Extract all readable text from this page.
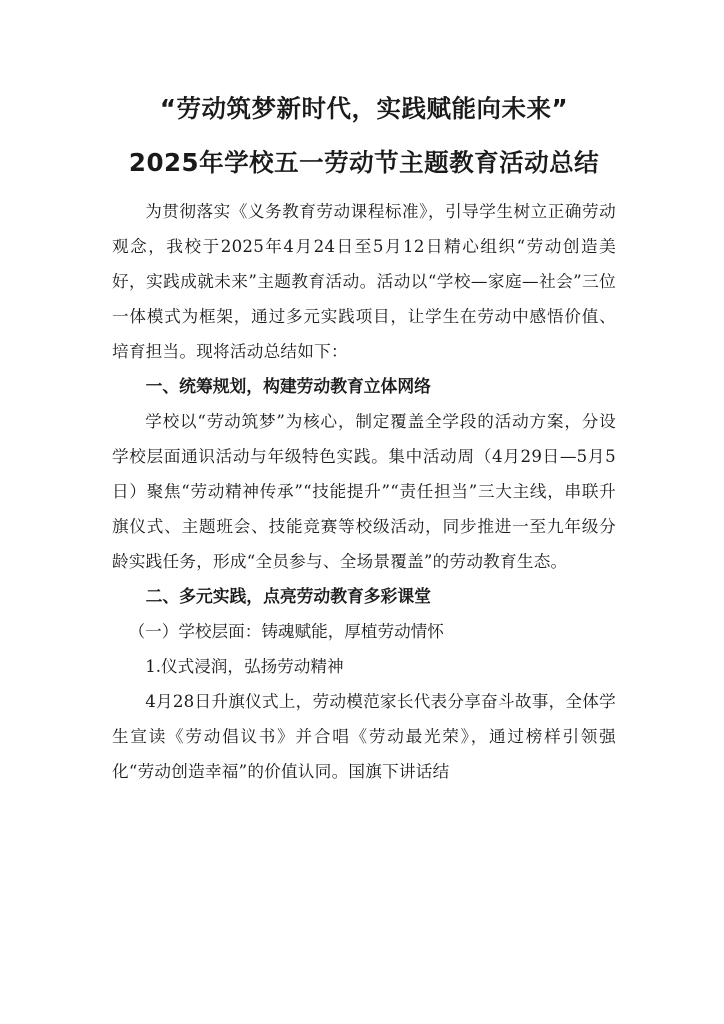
“劳动筑梦新时代，实践赋能向未来”
2025年学校五一劳动节主题教育活动总结

为贯彻落实《义务教育劳动课程标准》，引导学生树立正确劳动观念，我校于2025年4月24日至5月12日精心组织“劳动创造美好，实践成就未来”主题教育活动。活动以“学校—家庭—社会”三位一体模式为框架，通过多元实践项目，让学生在劳动中感悟价值、培育担当。现将活动总结如下：

一、统筹规划，构建劳动教育立体网络

学校以“劳动筑梦”为核心，制定覆盖全学段的活动方案，分设学校层面通识活动与年级特色实践。集中活动周（4月29日—5月5日）聚焦“劳动精神传承”“技能提升”“责任担当”三大主线，串联升旗仪式、主题班会、技能竞赛等校级活动，同步推进一至九年级分龄实践任务，形成“全员参与、全场景覆盖”的劳动教育生态。

二、多元实践，点亮劳动教育多彩课堂

（一）学校层面：铸魂赋能，厚植劳动情怀

1.仪式浸润，弘扬劳动精神

4月28日升旗仪式上，劳动模范家长代表分享奋斗故事，全体学生宣读《劳动倡议书》并合唱《劳动最光荣》，通过榜样引领强化“劳动创造幸福”的价值认同。国旗下讲话结
